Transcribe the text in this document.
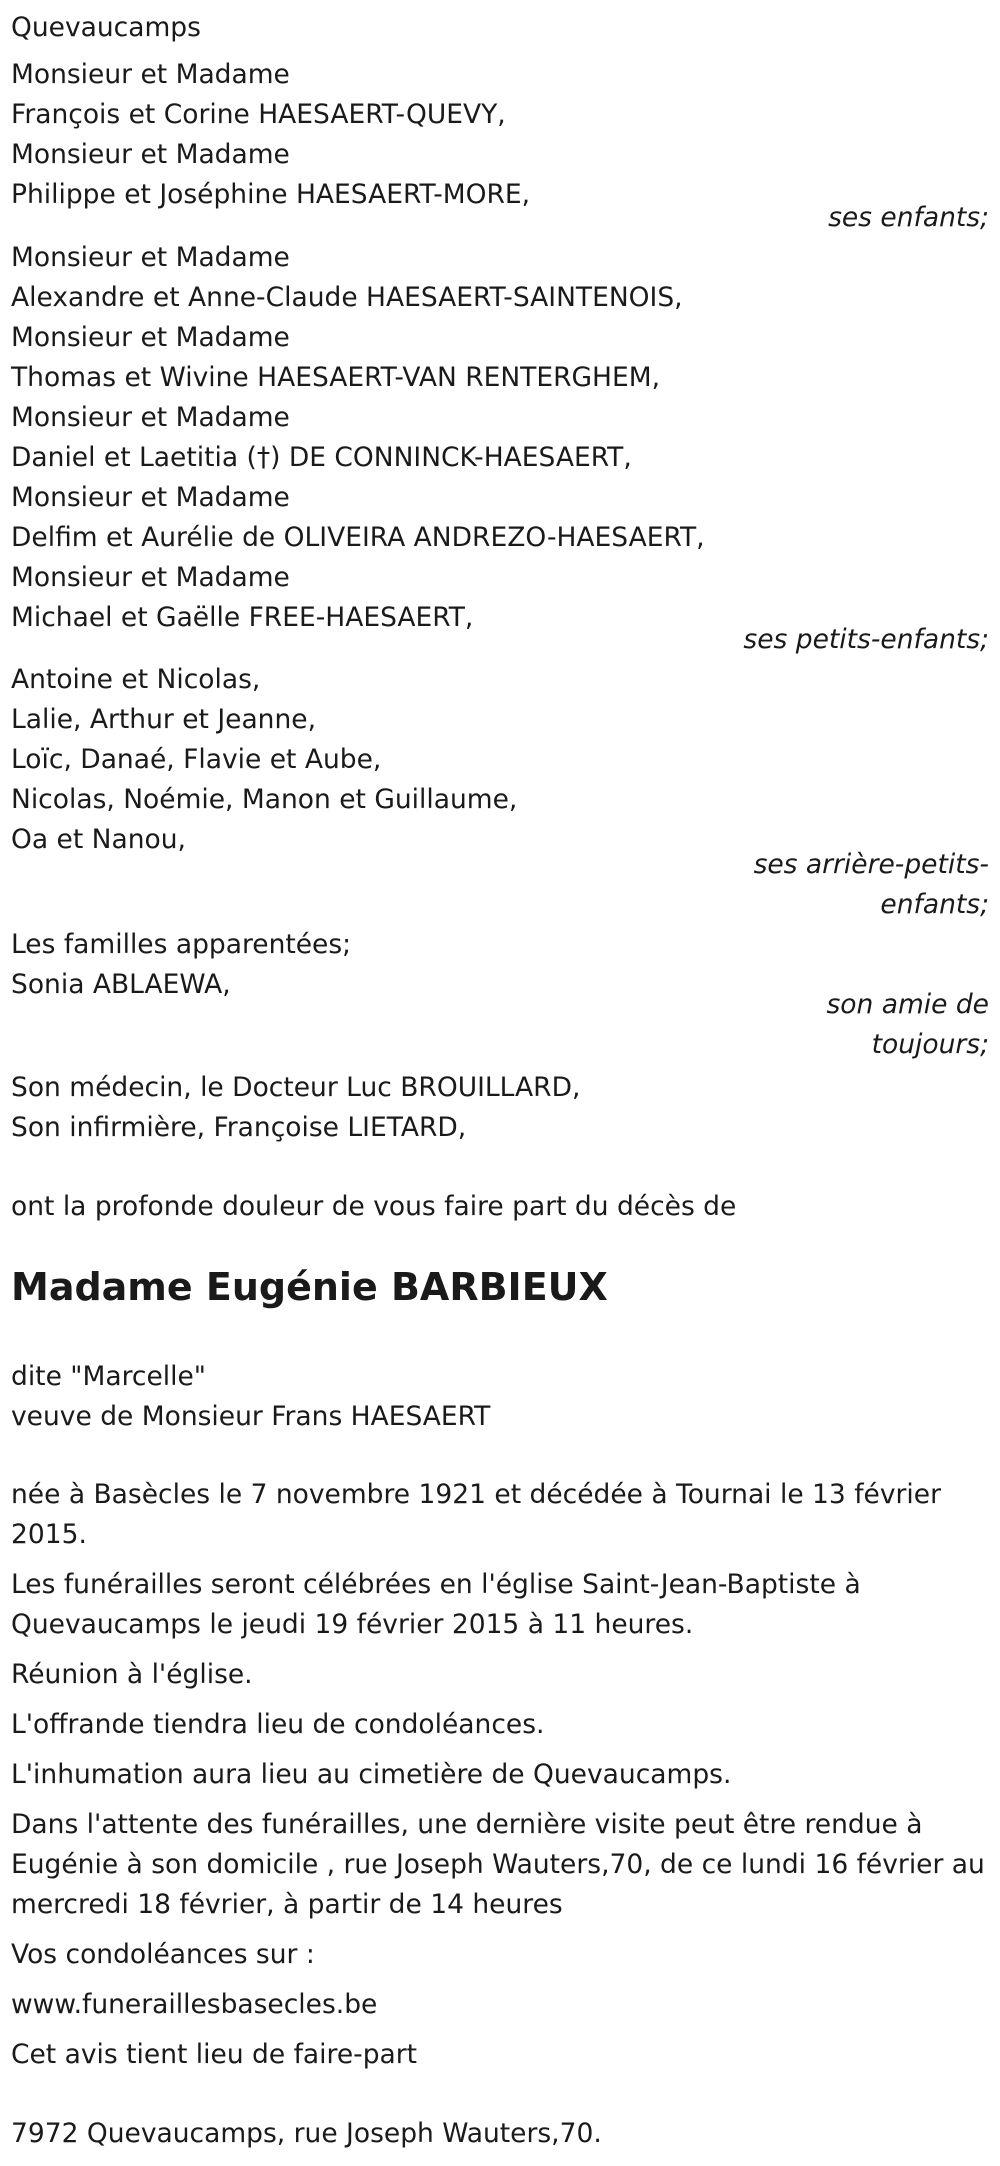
Quevaucamps
Monsieur et Madame
François et Corine HAESAERT-QUEVY,
Monsieur et Madame
Philippe et Joséphine HAESAERT-MORE,
ses enfants;
Monsieur et Madame
Alexandre et Anne-Claude HAESAERT-SAINTENOIS,
Monsieur et Madame
Thomas et Wivine HAESAERT-VAN RENTERGHEM,
Monsieur et Madame
Daniel et Laetitia (†) DE CONNINCK-HAESAERT,
Monsieur et Madame
Delfim et Aurélie de OLIVEIRA ANDREZO-HAESAERT,
Monsieur et Madame
Michael et Gaëlle FREE-HAESAERT,
ses petits-enfants;
Antoine et Nicolas,
Lalie, Arthur et Jeanne,
Loïc, Danaé, Flavie et Aube,
Nicolas, Noémie, Manon et Guillaume,
Oa et Nanou,
ses arrière-petits-
enfants;
Les familles apparentées;
Sonia ABLAEWA,
son amie de
toujours;
Son médecin, le Docteur Luc BROUILLARD,
Son infirmière, Françoise LIETARD,
ont la profonde douleur de vous faire part du décès de
Madame Eugénie BARBIEUX
dite "Marcelle"
veuve de Monsieur Frans HAESAERT

née à Basècles le 7 novembre 1921 et décédée à Tournai le 13 février 2015.

Les funérailles seront célébrées en l'église Saint-Jean-Baptiste à Quevaucamps le jeudi 19 février 2015 à 11 heures.

Réunion à l'église.

L'offrande tiendra lieu de condoléances.

L'inhumation aura lieu au cimetière de Quevaucamps.

Dans l'attente des funérailles, une dernière visite peut être rendue à Eugénie à son domicile , rue Joseph Wauters,70, de ce lundi 16 février au mercredi 18 février, à partir de 14 heures

Vos condoléances sur :

www.funeraillesbasecles.be

Cet avis tient lieu de faire-part

7972 Quevaucamps, rue Joseph Wauters,70.
